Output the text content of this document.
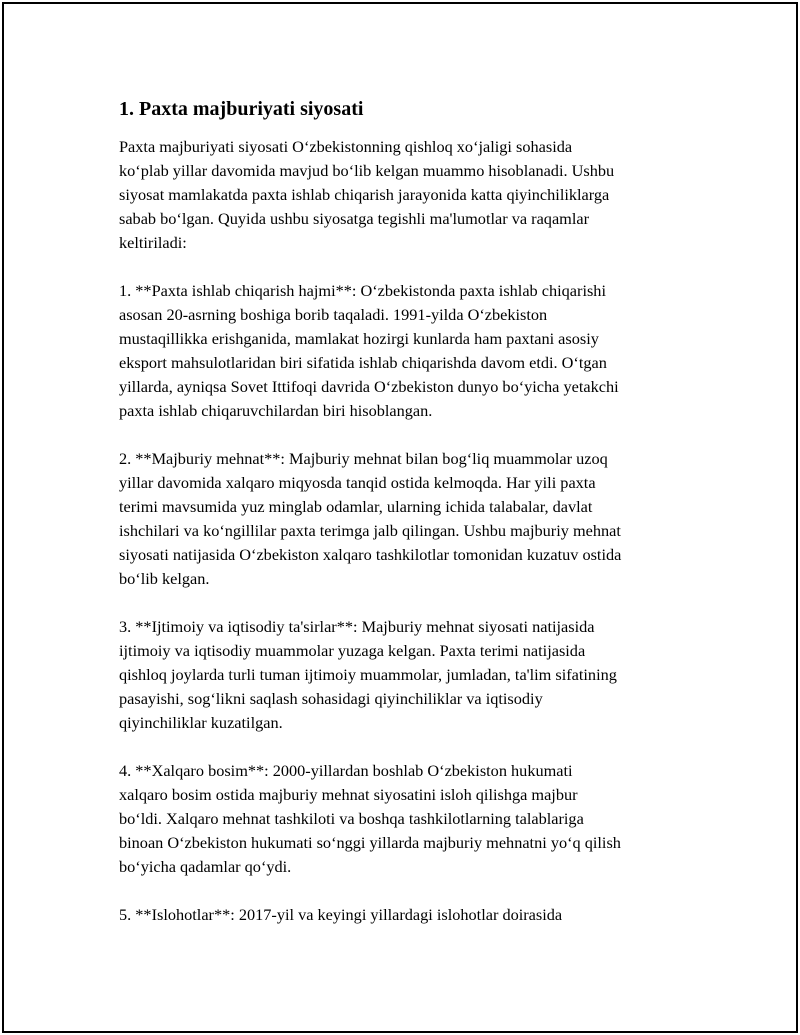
1. Paxta majburiyati siyosati

Paxta majburiyati siyosati O‘zbekistonning qishloq xo‘jaligi sohasida
ko‘plab yillar davomida mavjud bo‘lib kelgan muammo hisoblanadi. Ushbu
siyosat mamlakatda paxta ishlab chiqarish jarayonida katta qiyinchiliklarga
sabab bo‘lgan. Quyida ushbu siyosatga tegishli ma'lumotlar va raqamlar
keltiriladi:

1. **Paxta ishlab chiqarish hajmi**: O‘zbekistonda paxta ishlab chiqarishi
asosan 20-asrning boshiga borib taqaladi. 1991-yilda O‘zbekiston
mustaqillikka erishganida, mamlakat hozirgi kunlarda ham paxtani asosiy
eksport mahsulotlaridan biri sifatida ishlab chiqarishda davom etdi. O‘tgan
yillarda, ayniqsa Sovet Ittifoqi davrida O‘zbekiston dunyo bo‘yicha yetakchi
paxta ishlab chiqaruvchilardan biri hisoblangan.

2. **Majburiy mehnat**: Majburiy mehnat bilan bog‘liq muammolar uzoq
yillar davomida xalqaro miqyosda tanqid ostida kelmoqda. Har yili paxta
terimi mavsumida yuz minglab odamlar, ularning ichida talabalar, davlat
ishchilari va ko‘ngillilar paxta terimga jalb qilingan. Ushbu majburiy mehnat
siyosati natijasida O‘zbekiston xalqaro tashkilotlar tomonidan kuzatuv ostida
bo‘lib kelgan.

3. **Ijtimoiy va iqtisodiy ta'sirlar**: Majburiy mehnat siyosati natijasida
ijtimoiy va iqtisodiy muammolar yuzaga kelgan. Paxta terimi natijasida
qishloq joylarda turli tuman ijtimoiy muammolar, jumladan, ta'lim sifatining
pasayishi, sog‘likni saqlash sohasidagi qiyinchiliklar va iqtisodiy
qiyinchiliklar kuzatilgan.

4. **Xalqaro bosim**: 2000-yillardan boshlab O‘zbekiston hukumati
xalqaro bosim ostida majburiy mehnat siyosatini isloh qilishga majbur
bo‘ldi. Xalqaro mehnat tashkiloti va boshqa tashkilotlarning talablariga
binoan O‘zbekiston hukumati so‘nggi yillarda majburiy mehnatni yo‘q qilish
bo‘yicha qadamlar qo‘ydi.

5. **Islohotlar**: 2017-yil va keyingi yillardagi islohotlar doirasida
